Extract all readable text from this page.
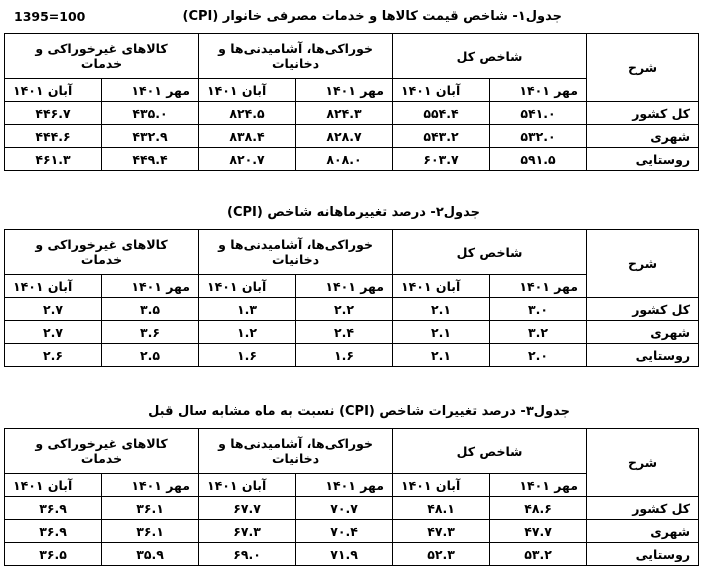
جدول۱- شاخص قیمت کالاها و خدمات مصرفی خانوار (CPI)
1395=100
شرح	شاخص کل		خوراکی‌ها، آشامیدنی‌ها و دخانیات		کالاهای غیرخوراکی و خدمات	
	مهر ۱۴۰۱	آبان ۱۴۰۱	مهر ۱۴۰۱	آبان ۱۴۰۱	مهر ۱۴۰۱	آبان ۱۴۰۱
کل کشور	۵۴۱.۰	۵۵۴.۴	۸۲۴.۳	۸۲۴.۵	۴۳۵.۰	۴۴۶.۷
شهری	۵۳۲.۰	۵۴۳.۲	۸۲۸.۷	۸۳۸.۴	۴۳۲.۹	۴۴۴.۶
روستایی	۵۹۱.۵	۶۰۳.۷	۸۰۸.۰	۸۲۰.۷	۴۴۹.۴	۴۶۱.۳
جدول۲- درصد تغییرماهانه شاخص (CPI)
شرح	شاخص کل		خوراکی‌ها، آشامیدنی‌ها و دخانیات		کالاهای غیرخوراکی و خدمات	
	مهر ۱۴۰۱	آبان ۱۴۰۱	مهر ۱۴۰۱	آبان ۱۴۰۱	مهر ۱۴۰۱	آبان ۱۴۰۱
کل کشور	۳.۰	۲.۱	۲.۲	۱.۳	۳.۵	۲.۷
شهری	۳.۲	۲.۱	۲.۴	۱.۲	۳.۶	۲.۷
روستایی	۲.۰	۲.۱	۱.۶	۱.۶	۲.۵	۲.۶
جدول۳- درصد تغییرات شاخص (CPI) نسبت به ماه مشابه سال قبل
شرح	شاخص کل		خوراکی‌ها، آشامیدنی‌ها و دخانیات		کالاهای غیرخوراکی و خدمات	
	مهر ۱۴۰۱	آبان ۱۴۰۱	مهر ۱۴۰۱	آبان ۱۴۰۱	مهر ۱۴۰۱	آبان ۱۴۰۱
کل کشور	۴۸.۶	۴۸.۱	۷۰.۷	۶۷.۷	۳۶.۱	۳۶.۹
شهری	۴۷.۷	۴۷.۳	۷۰.۴	۶۷.۳	۳۶.۱	۳۶.۹
روستایی	۵۳.۲	۵۲.۳	۷۱.۹	۶۹.۰	۳۵.۹	۳۶.۵
